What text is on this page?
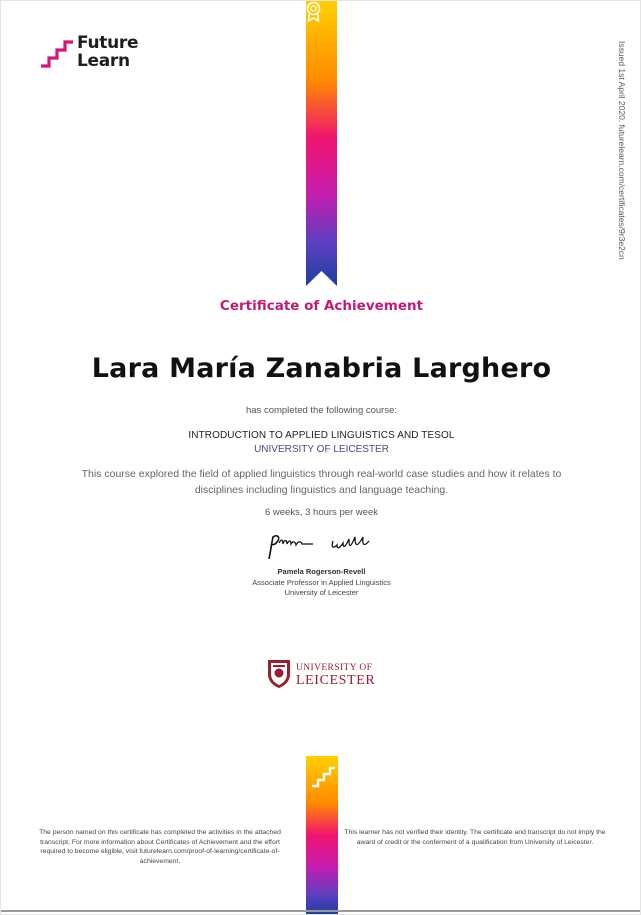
Future
Learn	Issued 1st April 2020. futurelearn.com/certificates/9r3e2cn
Certificate of Achievement
Lara María Zanabria Larghero
has completed the following course:
INTRODUCTION TO APPLIED LINGUISTICS AND TESOL
UNIVERSITY OF LEICESTER
This course explored the field of applied linguistics through real-world case studies and how it relates to disciplines including linguistics and language teaching.
6 weeks, 3 hours per week
Pamela Rogerson-Revell
Associate Professor in Applied Linguistics
University of Leicester
UNIVERSITY OF
LEICESTER
The person named on this certificate has completed the activities in the attached transcript. For more information about Certificates of Achievement and the effort required to become eligible, visit futurelearn.com/proof-of-learning/certificate-of-achievement.
This learner has not verified their identity. The certificate and transcript do not imply the award of credit or the conferment of a qualification from University of Leicester.
